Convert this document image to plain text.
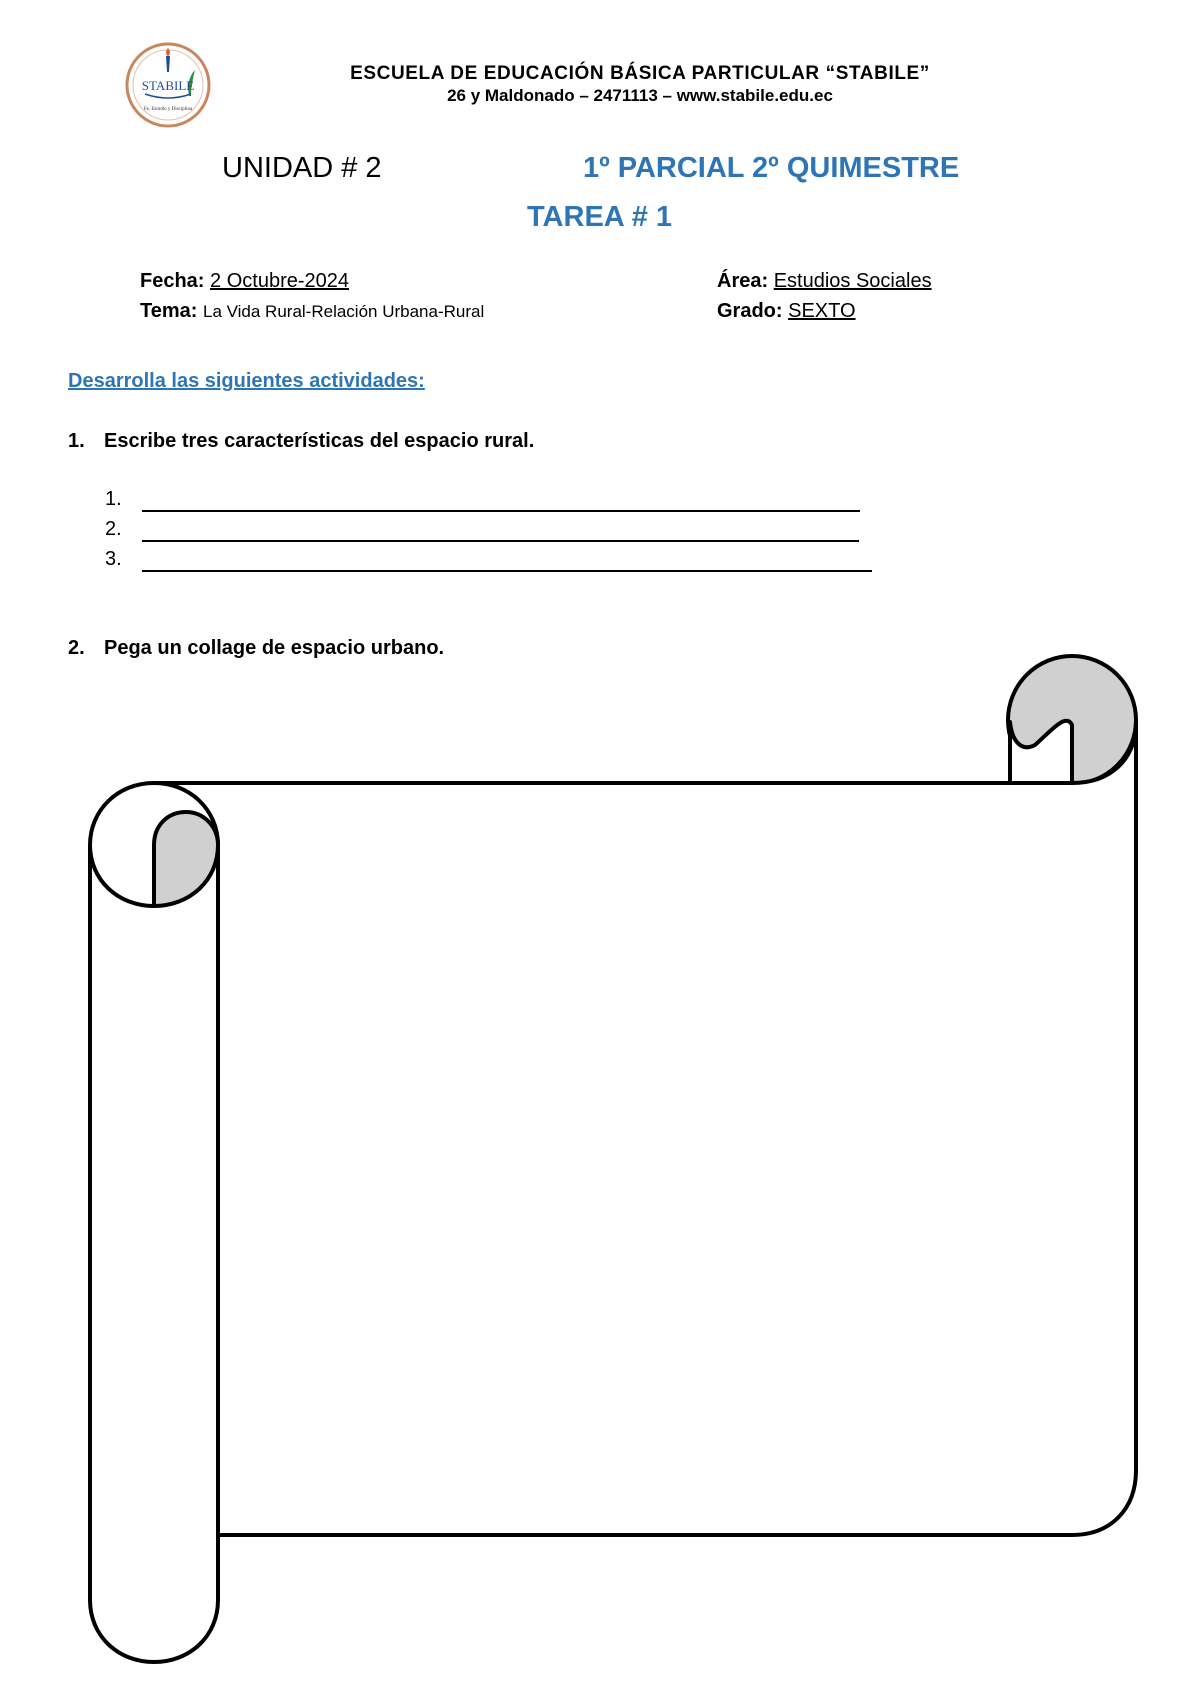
STABILE
Fe, Estudio y Disciplina
ESCUELA DE EDUCACIÓN BÁSICA PARTICULAR “STABILE”
26 y Maldonado – 2471113 – www.stabile.edu.ec
UNIDAD # 2	1º PARCIAL 2º QUIMESTRE
TAREA # 1
Fecha: 2 Octubre-2024
Tema: La Vida Rural-Relación Urbana-Rural
Área: Estudios Sociales
Grado: SEXTO
Desarrolla las siguientes actividades:
1. Escribe tres características del espacio rural.
1.
2.
3.
2. Pega un collage de espacio urbano.
